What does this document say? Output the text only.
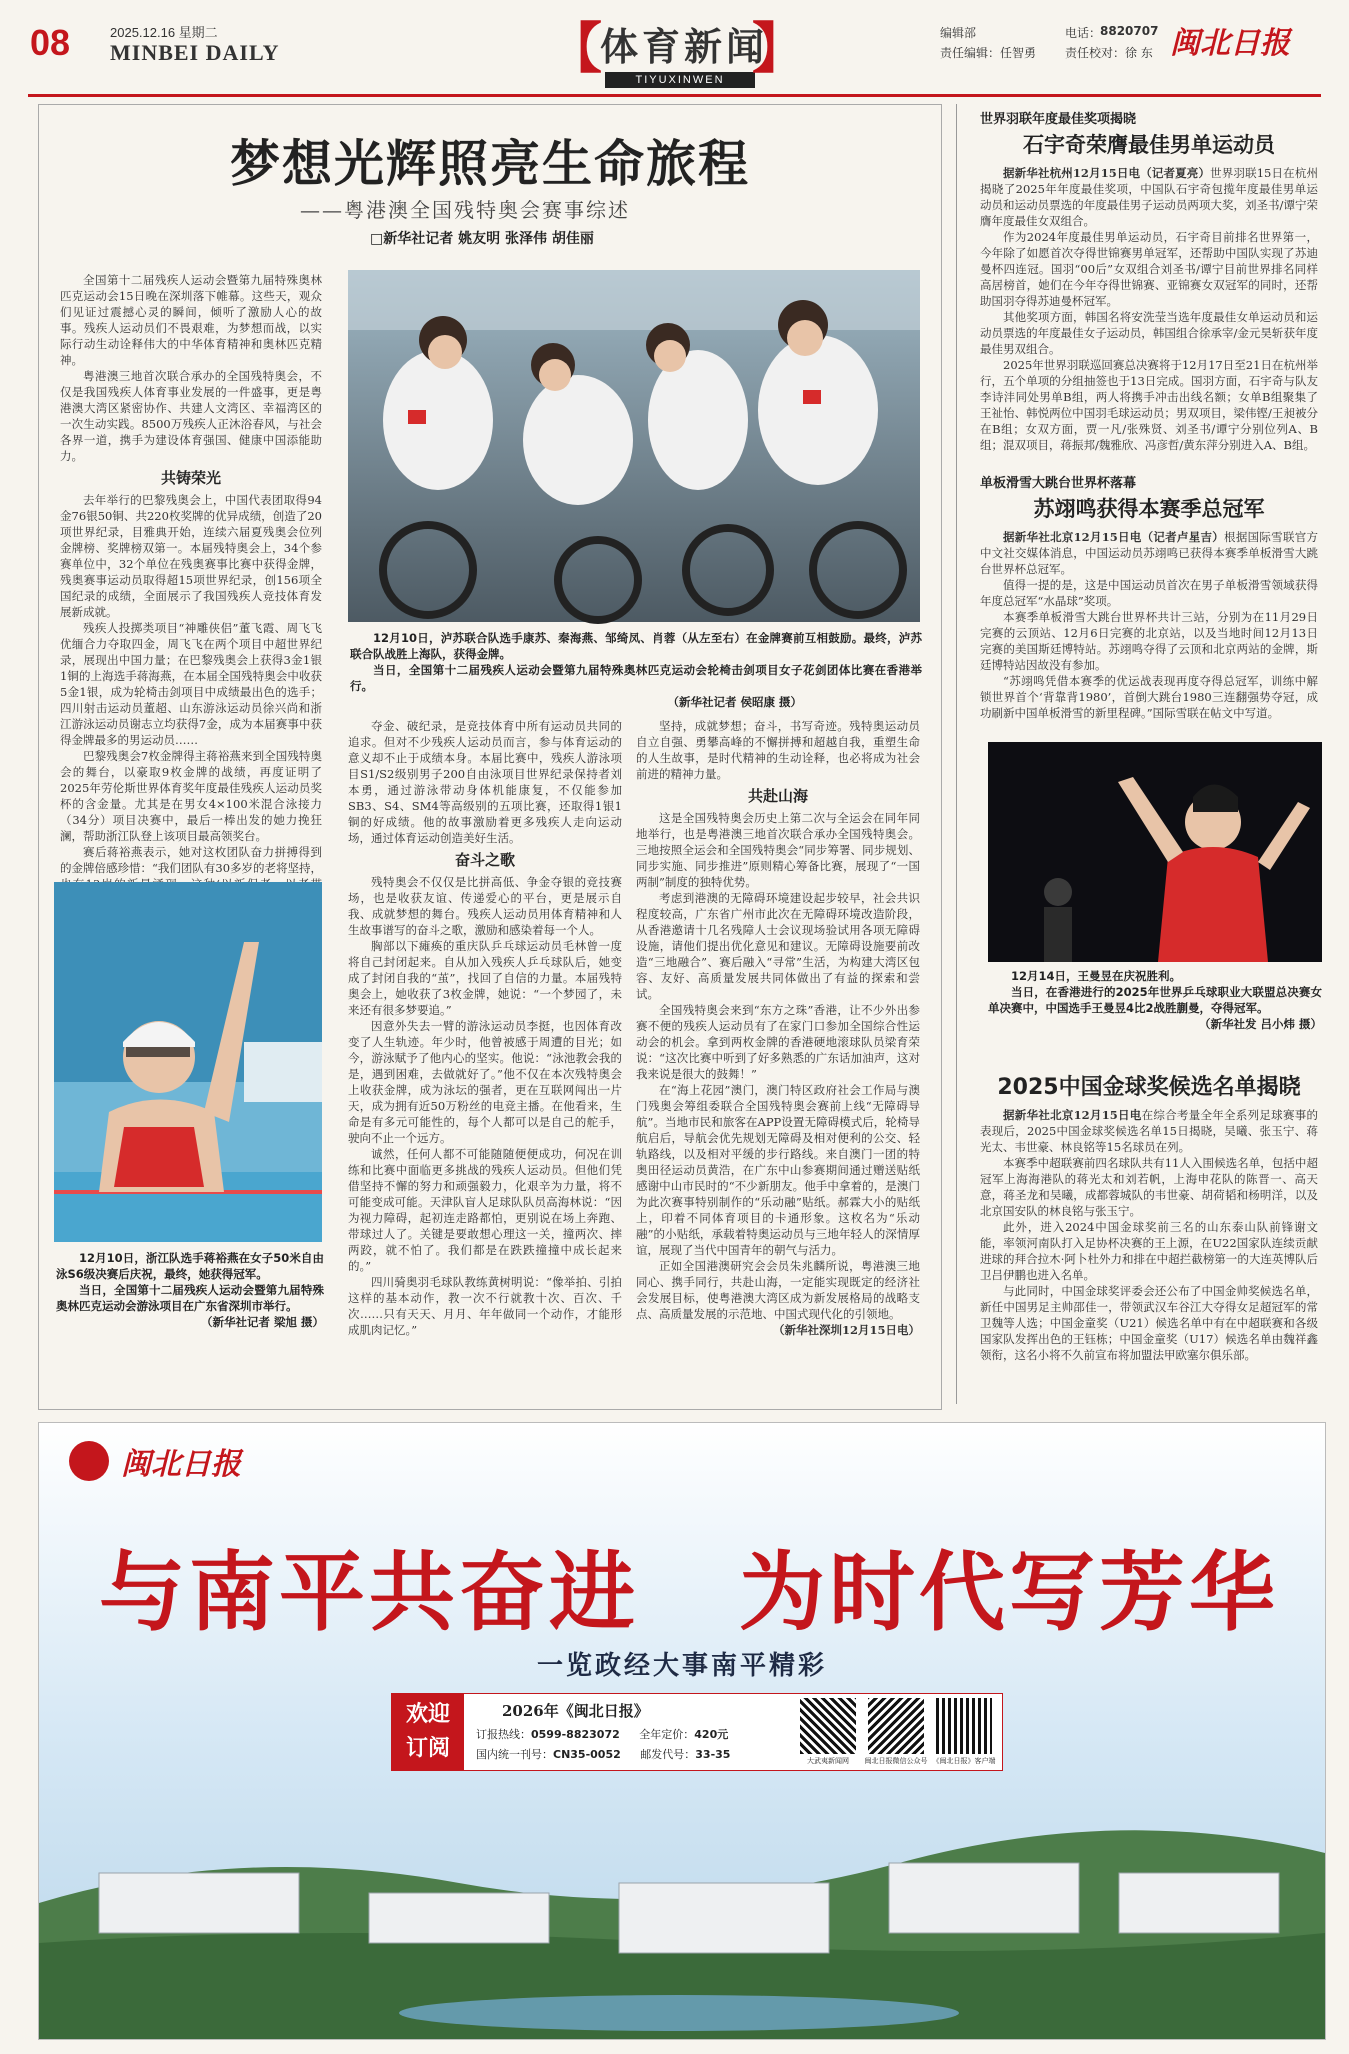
08	2025.12.16 星期二
MINBEI DAILY	【
体育新闻
TIYUXINWEN 】	编辑部	电话：
8820707
责任编辑：任智勇 责任校对：徐 东 闽北日报
梦想光辉照亮生命旅程
——粤港澳全国残特奥会赛事综述
□新华社记者 姚友明 张泽伟 胡佳丽

全国第十二届残疾人运动会暨第九届特殊奥林匹克运动会15日晚在深圳落下帷幕。这些天，观众们见证过震撼心灵的瞬间，倾听了激励人心的故事。残疾人运动员们不畏艰难，为梦想而战，以实际行动生动诠释伟大的中华体育精神和奥林匹克精神。

粤港澳三地首次联合承办的全国残特奥会，不仅是我国残疾人体育事业发展的一件盛事，更是粤港澳大湾区紧密协作、共建人文湾区、幸福湾区的一次生动实践。8500万残疾人正沐浴春风，与社会各界一道，携手为建设体育强国、健康中国添能助力。

共铸荣光

去年举行的巴黎残奥会上，中国代表团取得94金76银50铜、共220枚奖牌的优异成绩，创造了20项世界纪录，目雅典开始，连续六届夏残奥会位列金牌榜、奖牌榜双第一。本届残特奥会上，34个参赛单位中，32个单位在残奥赛事比赛中获得金牌，残奥赛事运动员取得超15项世界纪录，创156项全国纪录的成绩，全面展示了我国残疾人竞技体育发展新成就。

残疾人投掷类项目“神雕侠侣”董飞霞、周飞飞优缅合力夺取四金，周飞飞在两个项目中超世界纪录，展现出中国力量；在巴黎残奥会上获得3金1银1铜的上海选手蒋海燕，在本届全国残特奥会中收获5金1银，成为轮椅击剑项目中成绩最出色的选手；四川射击运动员董超、山东游泳运动员徐兴尚和浙江游泳运动员谢志立均获得7金，成为本届赛事中获得金牌最多的男运动员……

巴黎残奥会7枚金牌得主蒋裕燕来到全国残特奥会的舞台，以豪取9枚金牌的战绩，再度证明了2025年劳伦斯世界体育奖年度最佳残疾人运动员奖杯的含金量。尤其是在男女4×100米混合泳接力（34分）项目决赛中，最后一棒出发的她力挽狂澜，帮助浙江队登上该项目最高领奖台。

赛后蒋裕燕表示，她对这枚团队奋力拼搏得到的金牌倍感珍惜：“我们团队有30多岁的老将坚持，

12月10日，泸苏联合队选手康苏、秦海燕、邹绮凤、肖蓉（从左至右）在金牌赛前互相鼓励。最终，泸苏联合队战胜上海队，获得金牌。
当日，全国第十二届残疾人运动会暨第九届特殊奥林匹克运动会轮椅击剑项目女子花剑团体比赛在香港举行。
（新华社记者 侯昭康 摄）
12月10日，浙江队选手蒋裕燕在女子50米自由泳S6级决赛后庆祝，最终，她获得冠军。
当日，全国第十二届残疾人运动会暨第九届特殊奥林匹克运动会游泳项目在广东省深圳市举行。
（新华社记者 梁旭 摄）

夺金、破纪录，是竞技体育中所有运动员共同的追求。但对不少残疾人运动员而言，参与体育运动的意义却不止于成绩本身。本届比赛中，残疾人游泳项目S1/S2级别男子200自由泳项目世界纪录保持者刘本勇，通过游泳带动身体机能康复，不仅能参加SB3、S4、SM4等高级别的五项比赛，还取得1银1铜的好成绩。他的故事激励着更多残疾人走向运动场，通过体育运动创造美好生活。

奋斗之歌

残特奥会不仅仅是比拼高低、争金夺银的竞技赛场，也是收获友谊、传递爱心的平台，更是展示自我、成就梦想的舞台。残疾人运动员用体育精神和人生故事谱写的奋斗之歌，激励和感染着每一个人。

胸部以下瘫痪的重庆队乒乓球运动员毛林曾一度将自己封闭起来。自从加入残疾人乒乓球队后，她变成了封闭自我的“茧”，找回了自信的力量。本届残特奥会上，她收获了3枚金牌，她说：“一个梦园了，未来还有很多梦要追。”

因意外失去一臂的游泳运动员李挺，也因体育改变了人生轨迹。年少时，他曾被感于周遭的目光；如今，游泳赋予了他内心的坚实。他说：“泳池教会我的是，遇到困难，去做就好了。”他不仅在本次残特奥会上收获金牌，成为泳坛的强者，更在互联网闯出一片天，成为拥有近50万粉丝的电竞主播。在他看来，生命是有多元可能性的，每个人都可以是自己的舵手，驶向不止一个远方。

诚然，任何人都不可能随随便便成功，何况在训练和比赛中面临更多挑战的残疾人运动员。但他们凭借坚持不懈的努力和顽强毅力，化艰辛为力量，将不可能变成可能。天津队盲人足球队队员高海林说：“因为视力障碍，起初连走路都怕，更别说在场上奔跑、带球过人了。关键是要敢想心理这一关，撞两次、摔两跤，就不怕了。我们都是在跌跌撞撞中成长起来的。”

四川骑奥羽毛球队教练黄树明说：“像举拍、引拍这样的基本动作，教一次不行就教十次、百次、千次……只有天天、月月、年年做同一个动作，才能形成肌肉记忆。”

坚持，成就梦想；奋斗，书写奇迹。残特奥运动员自立自强、勇攀高峰的不懈拼搏和超越自我，重塑生命的人生故事，是时代精神的生动诠释，也必将成为社会前进的精神力量。

共赴山海

这是全国残特奥会历史上第二次与全运会在同年同地举行，也是粤港澳三地首次联合承办全国残特奥会。三地按照全运会和全国残特奥会“同步筹署、同步规划、同步实施、同步推进”原则精心筹备比赛，展现了“一国两制”制度的独特优势。

考虑到港澳的无障碍环境建设起步较早，社会共识程度较高，广东省广州市此次在无障碍环境改造阶段，从香港邀请十几名残障人士会议现场验试用各项无障碍设施，请他们提出优化意见和建议。无障碍设施要前改造“三地融合”、赛后融入“寻常”生活，为构建大湾区包容、友好、高质量发展共同体做出了有益的探索和尝试。

全国残特奥会来到“东方之珠”香港，让不少外出参赛不便的残疾人运动员有了在家门口参加全国综合性运动会的机会。拿到两枚金牌的香港硬地滚球队员梁育荣说：“这次比赛中听到了好多熟悉的广东话加油声，这对我来说是很大的鼓舞！”

在“海上花园”澳门，澳门特区政府社会工作局与澳门残奥会筹组委联合全国残特奥会赛前上线“无障碍导航”。当地市民和旅客在APP设置无障碍模式后，轮椅导航启后，导航会优先规划无障碍及相对便利的公交、轻轨路线，以及相对平缓的步行路线。来自澳门一团的特奥田径运动员黄浩，在广东中山参赛期间通过赠送贴纸感谢中山市民时的“不少新朋友。他手中拿着的，是澳门为此次赛事特别制作的“乐动融”贴纸。郝霖大小的贴纸上，印着不同体育项目的卡通形象。这枚名为“乐动融”的小贴纸，承载着特奥运动员与三地年轻人的深情厚谊，展现了当代中国青年的朝气与活力。

正如全国港澳研究会会员朱兆麟所说，粤港澳三地同心、携手同行，共赴山海，一定能实现既定的经济社会发展目标，使粤港澳大湾区成为新发展格局的战略支点、高质量发展的示范地、中国式现代化的引领地。

（新华社深圳12月15日电）
世界羽联年度最佳奖项揭晓
石宇奇荣膺最佳男单运动员

据新华社杭州12月15日电（记者夏亮）世界羽联15日在杭州揭晓了2025年年度最佳奖项，中国队石宇奇包揽年度最佳男单运动员和运动员票选的年度最佳男子运动员两项大奖，刘圣书/谭宁荣膺年度最佳女双组合。

作为2024年度最佳男单运动员，石宇奇目前排名世界第一，今年除了如愿首次夺得世锦赛男单冠军，还帮助中国队实现了苏迪曼杯四连冠。国羽“00后”女双组合刘圣书/谭宁目前世界排名同样高居榜首，她们在今年夺得世锦赛、亚锦赛女双冠军的同时，还帮助国羽夺得苏迪曼杯冠军。

其他奖项方面，韩国名将安洗莹当选年度最佳女单运动员和运动员票选的年度最佳女子运动员，韩国组合徐承宰/金元昊斩获年度最佳男双组合。

2025年世界羽联巡回赛总决赛将于12月17日至21日在杭州举行，五个单项的分组抽签也于13日完成。国羽方面，石宇奇与队友李诗沣同处男单B组，两人将携手冲击出线名额；女单B组聚集了王祉怡、韩悦两位中国羽毛球运动员；男双项目，梁伟铿/王昶被分在B组；女双方面，贾一凡/张殊贤、刘圣书/谭宁分别位列A、B组；混双项目，蒋振邦/魏雅欣、冯彦哲/黄东萍分别进入A、B组。

单板滑雪大跳台世界杯落幕
苏翊鸣获得本赛季总冠军

据新华社北京12月15日电（记者卢星吉）根据国际雪联官方中文社交媒体消息，中国运动员苏翊鸣已获得本赛季单板滑雪大跳台世界杯总冠军。

值得一提的是，这是中国运动员首次在男子单板滑雪领域获得年度总冠军“水晶球”奖项。

本赛季单板滑雪大跳台世界杯共计三站，分别为在11月29日完赛的云顶站、12月6日完赛的北京站，以及当地时间12月13日完赛的美国斯廷博特站。苏翊鸣夺得了云顶和北京两站的金牌，斯廷博特站因故没有参加。

“苏翊鸣凭借本赛季的优运战表现再度夺得总冠军，训练中解锁世界首个‘背靠背1980’，首倒大跳台1980三连翻强势夺冠，成功刷新中国单板滑雪的新里程碑。”国际雪联在帖文中写道。

12月14日，王曼昱在庆祝胜利。
当日，在香港进行的2025年世界乒乓球职业大联盟总决赛女单决赛中，中国选手王曼昱4比2战胜蒯曼，夺得冠军。
（新华社发 吕小炜 摄）
2025中国金球奖候选名单揭晓

据新华社北京12月15日电在综合考量全年全系列足球赛事的表现后，2025中国金球奖候选名单15日揭晓，吴曦、张玉宁、蒋光太、韦世豪、林良铭等15名球员在列。

本赛季中超联赛前四名球队共有11人入围候选名单，包括中超冠军上海海港队的蒋光太和刘若帆，上海申花队的陈晋一、高天意，蒋圣龙和吴曦，成都蓉城队的韦世豪、胡荷韬和杨明洋，以及北京国安队的林良铭与张玉宁。

此外，进入2024中国金球奖前三名的山东泰山队前锋谢文能，率领河南队打入足协杯决赛的王上源，在U22国家队连续贡献进球的拜合拉木·阿卜杜外力和排在中超拦截榜第一的大连英博队后卫吕伊鹏也进入名单。

与此同时，中国金球奖评委会还公布了中国金帅奖候选名单，新任中国男足主帅邵佳一，带领武汉车谷江大夺得女足超冠军的常卫魏等人选；中国金童奖（U21）候选名单中有在中超联赛和各级国家队发挥出色的王钰栋；中国金童奖（U17）候选名单由魏祥鑫领衔，这名小将不久前宣布将加盟法甲欧塞尔俱乐部。

闽北日报
与南平共奋进 为时代写芳华
一览政经大事南平精彩
欢迎
订阅
2026年《闽北日报》
订报热线：0599-8823072 全年定价：420元
国内统一刊号：CN35-0052 邮发代号：33-35	大武夷新闻网	闽北日报微信公众号 《闽北日报》客户端
